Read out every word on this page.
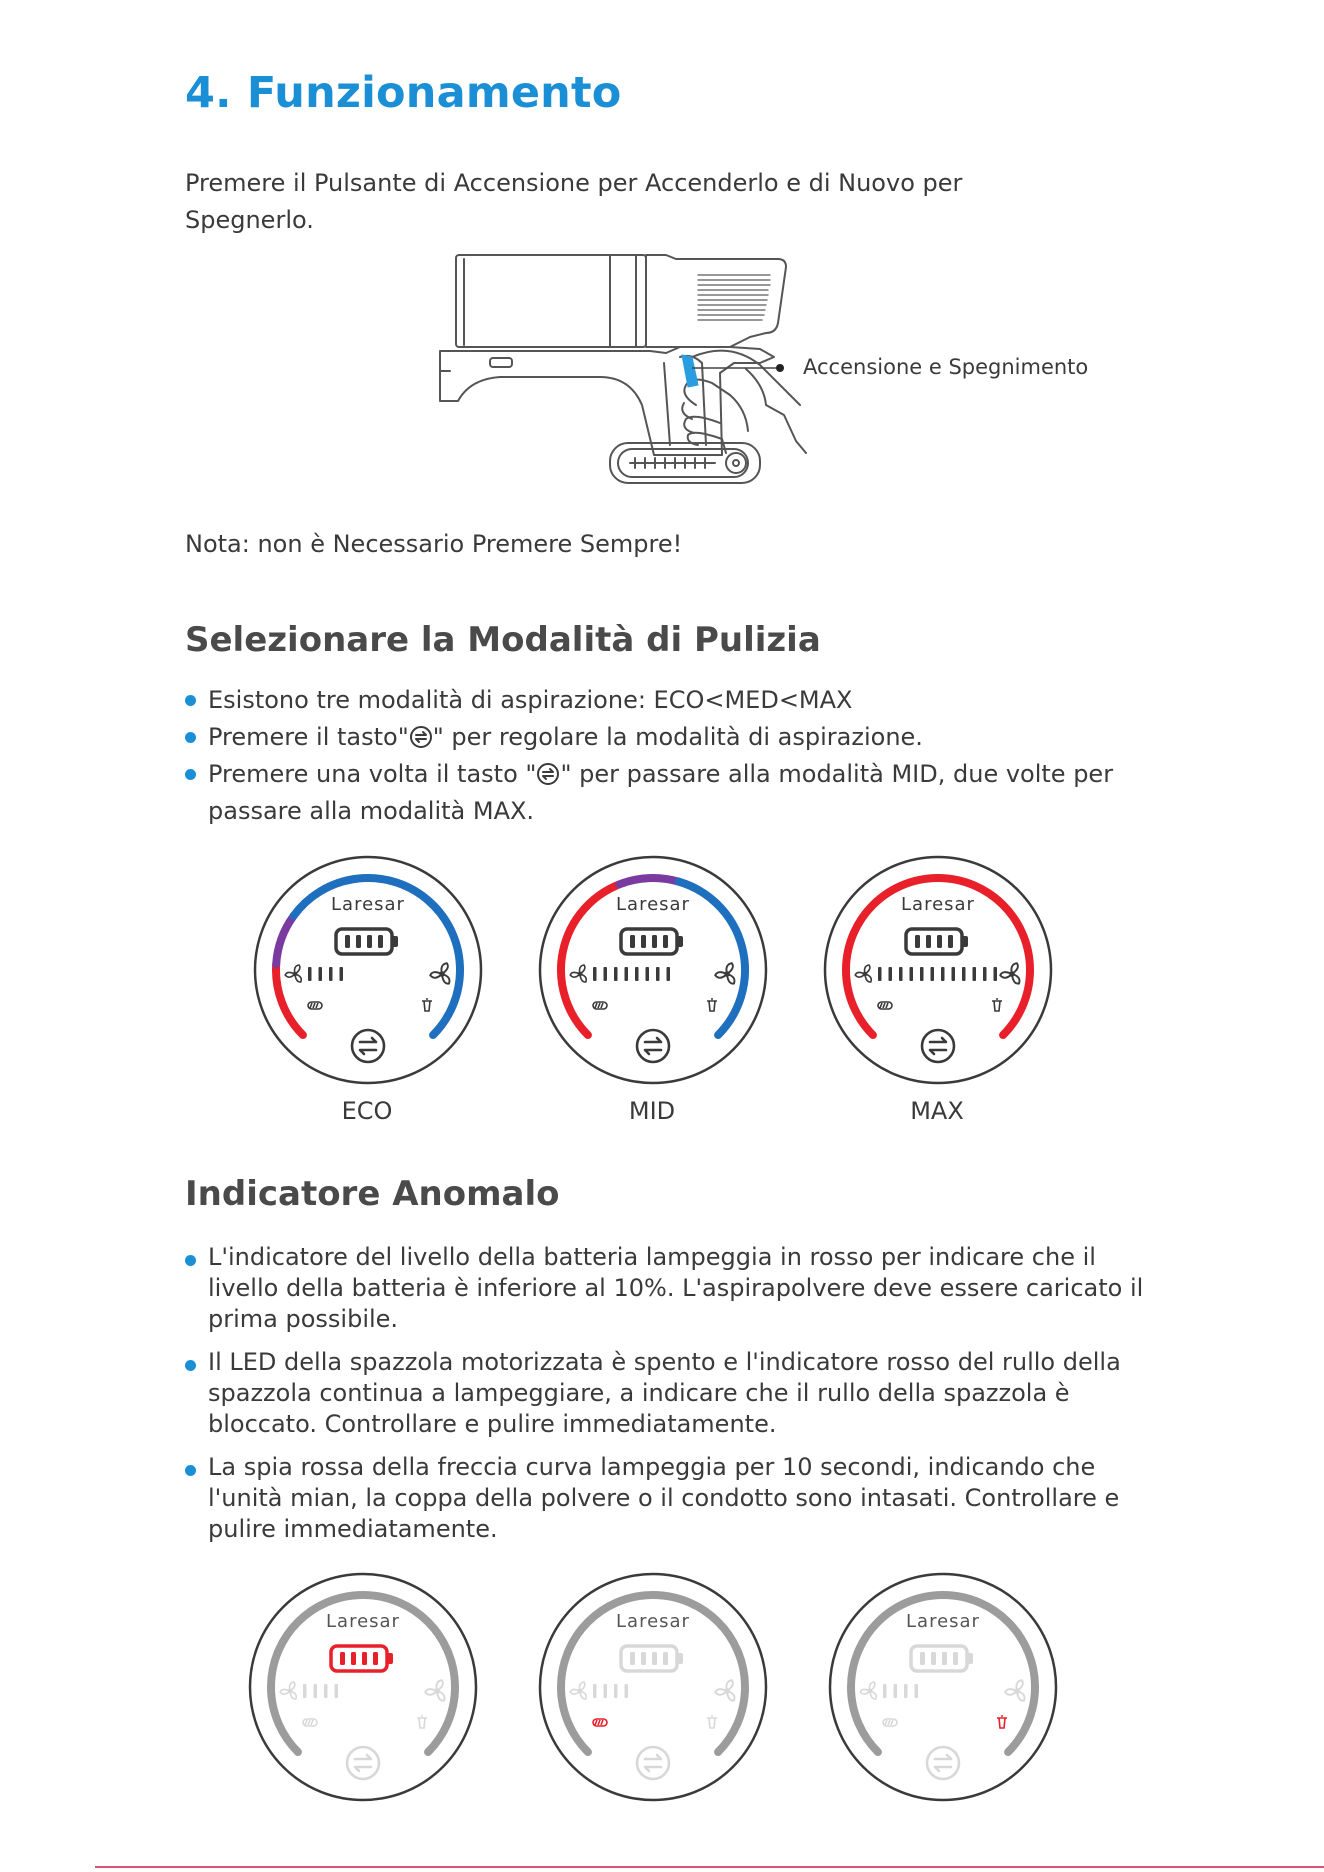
4. Funzionamento

Premere il Pulsante di Accensione per Accenderlo e di Nuovo per Spegnerlo.

Accensione e Spegnimento

Nota: non è Necessario Premere Sempre!

Selezionare la Modalità di Pulizia
Esistono tre modalità di aspirazione: ECO<MED<MAX
Premere il tasto" " per regolare la modalità di aspirazione.
Premere una volta il tasto " " per passare alla modalità MID, due volte per passare alla modalità MAX.
Laresar	Laresar	Laresar
ECO	MID	MAX
Indicatore Anomalo
L'indicatore del livello della batteria lampeggia in rosso per indicare che il livello della batteria è inferiore al 10%. L'aspirapolvere deve essere caricato il prima possibile.
Il LED della spazzola motorizzata è spento e l'indicatore rosso del rullo della spazzola continua a lampeggiare, a indicare che il rullo della spazzola è bloccato. Controllare e pulire immediatamente.
La spia rossa della freccia curva lampeggia per 10 secondi, indicando che l'unità mian, la coppa della polvere o il condotto sono intasati. Controllare e pulire immediatamente.
Laresar	Laresar	Laresar
